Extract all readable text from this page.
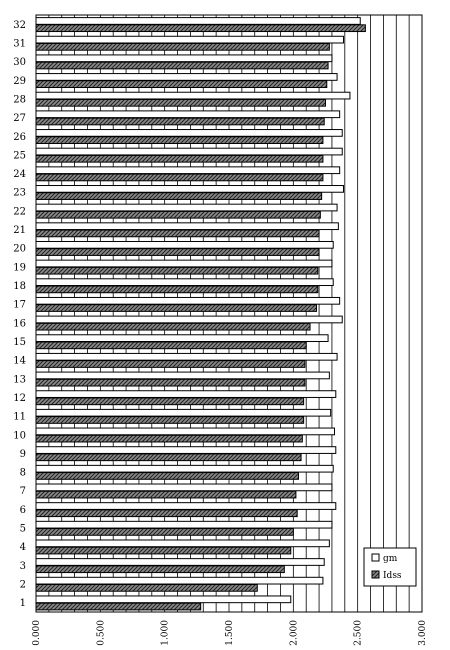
1
2
3
4
5
6
7
8
9
10
11
12
13
14
15
16
17
18
19
20
21
22
23
24
25
26
27
28
29
30
31
32
0.000	0.500	1.000	1.500	2.000	2.500	3.000
gm
Idss
